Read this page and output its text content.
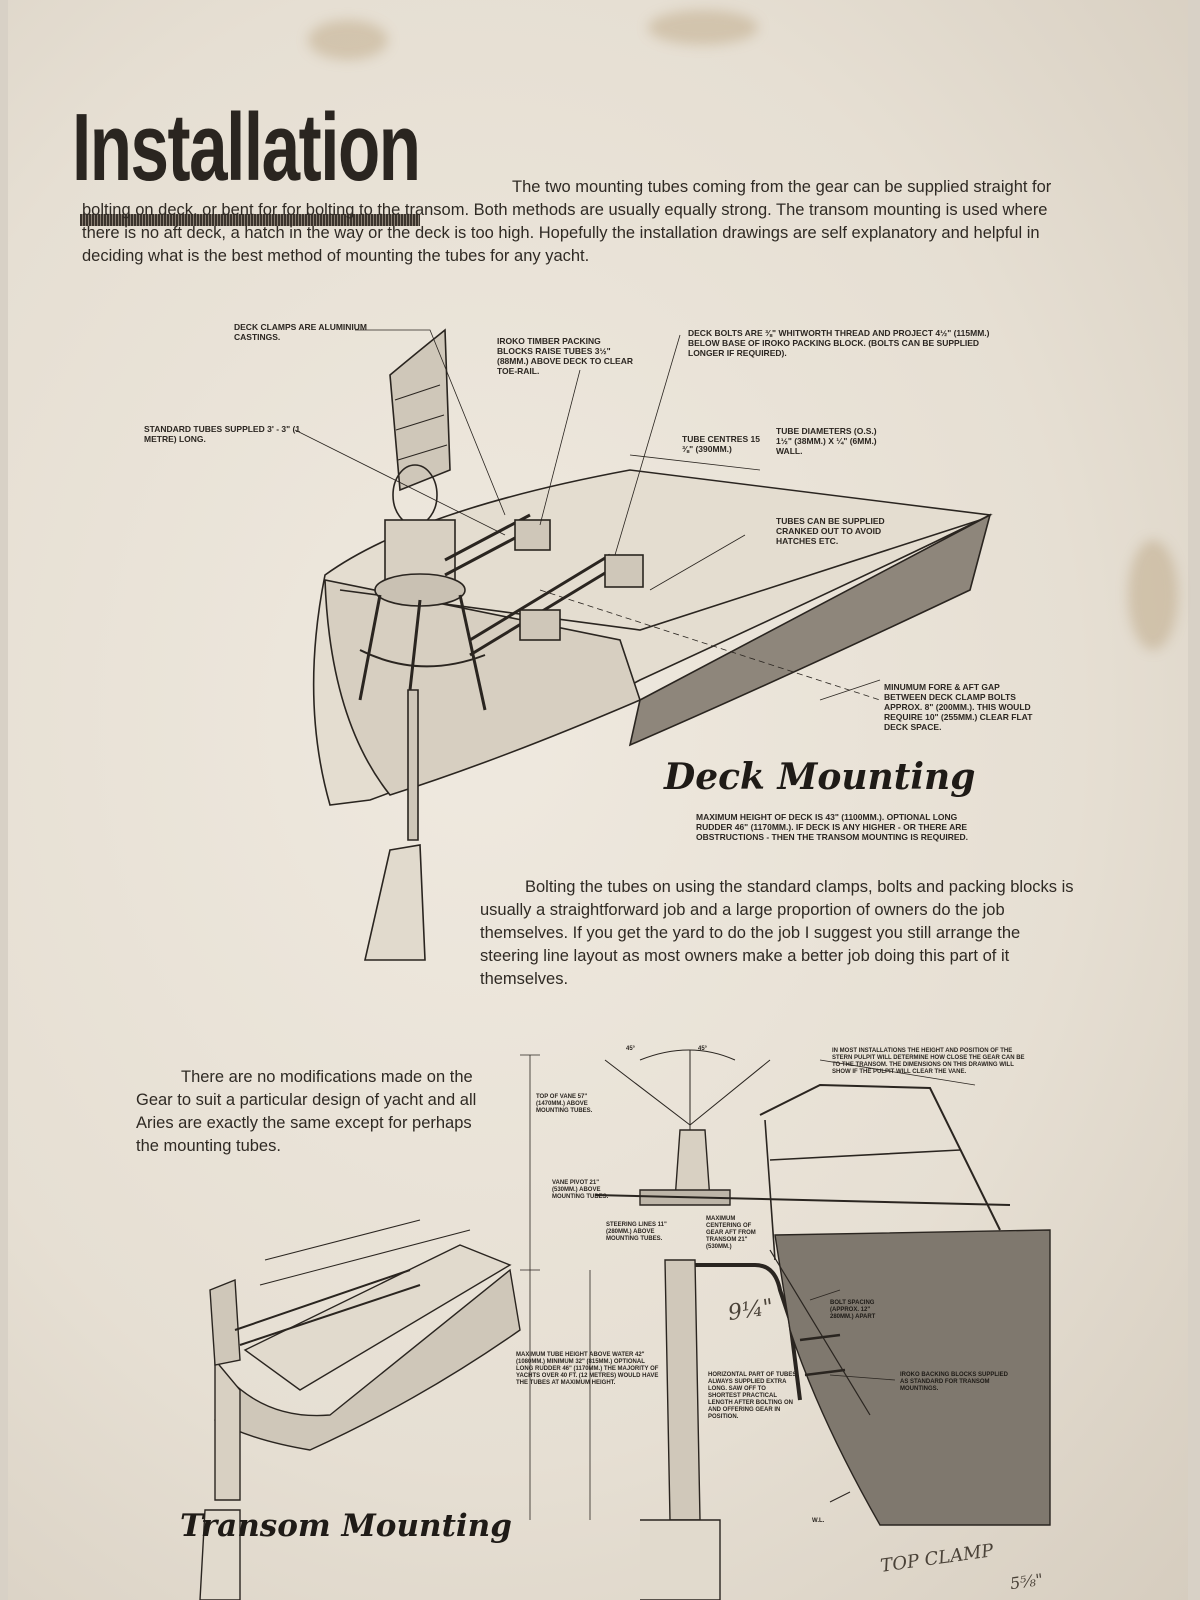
Installation	The two mounting tubes coming from the gear can be supplied straight for bolting on deck, or bent for for bolting to the transom. Both methods are usually equally strong. The transom mounting is used where there is no aft deck, a hatch in the way or the deck is too high. Hopefully the installation drawings are self explanatory and helpful in deciding what is the best method of mounting the tubes for any yacht.

DECK CLAMPS ARE ALUMINIUM CASTINGS.	IROKO TIMBER PACKING BLOCKS RAISE TUBES 3½" (88MM.) ABOVE DECK TO CLEAR TOE-RAIL.

DECK BOLTS ARE ⅜" WHITWORTH THREAD AND PROJECT 4½" (115MM.) BELOW BASE OF IROKO PACKING BLOCK. (BOLTS CAN BE SUPPLIED LONGER IF REQUIRED).

STANDARD TUBES SUPPLED 3' - 3" (1 METRE) LONG.	TUBE CENTRES 15 ⅜" (390MM.)

TUBE DIAMETERS (O.S.) 1½" (38MM.) X ¼" (6MM.) WALL.

TUBES CAN BE SUPPLIED CRANKED OUT TO AVOID HATCHES ETC.

MINUMUM FORE & AFT GAP BETWEEN DECK CLAMP BOLTS APPROX. 8" (200MM.). THIS WOULD REQUIRE 10" (255MM.) CLEAR FLAT DECK SPACE.

Deck Mounting

MAXIMUM HEIGHT OF DECK IS 43" (1100MM.). OPTIONAL LONG RUDDER 46" (1170MM.). IF DECK IS ANY HIGHER - OR THERE ARE OBSTRUCTIONS - THEN THE TRANSOM MOUNTING IS REQUIRED.

Bolting the tubes on using the standard clamps, bolts and packing blocks is usually a straightforward job and a large proportion of owners do the job themselves. If you get the yard to do the job I suggest you still arrange the steering line layout as most owners make a better job doing this part of it themselves.

There are no modifications made on the Gear to suit a particular design of yacht and all Aries are exactly the same except for perhaps the mounting tubes.

45°	45°

TOP OF VANE 57" (1470MM.) ABOVE MOUNTING TUBES.

VANE PIVOT 21" (530MM.) ABOVE MOUNTING TUBES.

STEERING LINES 11" (280MM.) ABOVE MOUNTING TUBES.

MAXIMUM CENTERING OF GEAR AFT FROM TRANSOM 21" (530MM.)

IN MOST INSTALLATIONS THE HEIGHT AND POSITION OF THE STERN PULPIT WILL DETERMINE HOW CLOSE THE GEAR CAN BE TO THE TRANSOM. THE DIMENSIONS ON THIS DRAWING WILL SHOW IF THE PULPIT WILL CLEAR THE VANE.

BOLT SPACING (APPROX. 12" 280MM.) APART

MAXIMUM TUBE HEIGHT ABOVE WATER 42" (1080MM.) MINIMUM 32" (815MM.) OPTIONAL LONG RUDDER 46" (1170MM.) THE MAJORITY OF YACHTS OVER 40 FT. (12 METRES) WOULD HAVE THE TUBES AT MAXIMUM HEIGHT.

HORIZONTAL PART OF TUBES ALWAYS SUPPLIED EXTRA LONG. SAW OFF TO SHORTEST PRACTICAL LENGTH AFTER BOLTING ON AND OFFERING GEAR IN POSITION.

IROKO BACKING BLOCKS SUPPLIED AS STANDARD FOR TRANSOM MOUNTINGS.

W.L.

9¼"

Transom Mounting

TOP CLAMP

5⅝"
